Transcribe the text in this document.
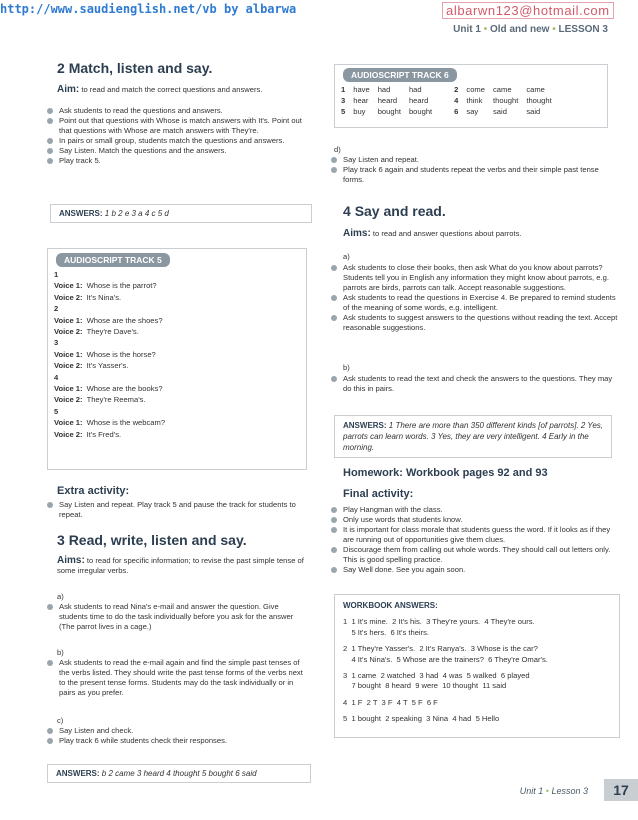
http://www.saudienglish.net/vb by albarwa	albarwn123@hotmail.com
Unit 1 • Old and new • LESSON 3
2 Match, listen and say.
Aim: to read and match the correct questions and answers.
Ask students to read the questions and answers.
Point out that questions with Whose is match answers with It's. Point out that questions with Whose are match answers with They're.
In pairs or small group, students match the questions and answers.
Say Listen. Match the questions and the answers.
Play track 5.
ANSWERS: 1 b 2 e 3 a 4 c 5 d
AUDIOSCRIPT TRACK 5
1
Voice 1: Whose is the parrot?
Voice 2: It's Nina's.
2
Voice 1: Whose are the shoes?
Voice 2: They're Dave's.
3
Voice 1: Whose is the horse?
Voice 2: It's Yasser's.
4
Voice 1: Whose are the books?
Voice 2: They're Reema's.
5
Voice 1: Whose is the webcam?
Voice 2: It's Fred's.
Extra activity:
Say Listen and repeat. Play track 5 and pause the track for students to repeat.
3 Read, write, listen and say.
Aims: to read for specific information; to revise the past simple tense of some irregular verbs.
a)
Ask students to read Nina's e-mail and answer the question. Give students time to do the task individually before you ask for the answer (The parrot lives in a cage.)
b)
Ask students to read the e-mail again and find the simple past tenses of the verbs listed. They should write the past tense forms of the verbs next to the present tense forms. Students may do the task individually or in pairs as you prefer.
c)
Say Listen and check.
Play track 6 while students check their responses.
ANSWERS: b 2 came 3 heard 4 thought 5 bought 6 said
AUDIOSCRIPT TRACK 6
1	have	had	had	2	come	came	came
3	hear	heard	heard	4	think	thought	thought
5	buy	bought	bought	6	say	said	said
d)
Say Listen and repeat.
Play track 6 again and students repeat the verbs and their simple past tense forms.
4 Say and read.
Aims: to read and answer questions about parrots.
a)
Ask students to close their books, then ask What do you know about parrots? Students tell you in English any information they might know about parrots, e.g. parrots are birds, parrots can talk. Accept reasonable suggestions.
Ask students to read the questions in Exercise 4. Be prepared to remind students of the meaning of some words, e.g. intelligent.
Ask students to suggest answers to the questions without reading the text. Accept reasonable suggestions.
b)
Ask students to read the text and check the answers to the questions. They may do this in pairs.
ANSWERS: 1 There are more than 350 different kinds [of parrots]. 2 Yes, parrots can learn words. 3 Yes, they are very intelligent. 4 Early in the morning.
Homework: Workbook pages 92 and 93
Final activity:
Play Hangman with the class.
Only use words that students know.
It is important for class morale that students guess the word. If it looks as if they are running out of opportunities give them clues.
Discourage them from calling out whole words. They should call out letters only. This is good spelling practice.
Say Well done. See you again soon.
WORKBOOK ANSWERS:
1  1 It's mine.  2 It's his.  3 They're yours.  4 They're ours.
5 It's hers.  6 It's theirs.
2  1 They're Yasser's.  2 It's Ranya's.  3 Whose is the car?
4 It's Nina's.  5 Whose are the trainers?  6 They're Omar's.
3  1 came  2 watched  3 had  4 was  5 walked  6 played
7 bought  8 heard  9 were  10 thought  11 said
4  1 F  2 T  3 F  4 T  5 F  6 F
5  1 bought  2 speaking  3 Nina  4 had  5 Hello
Unit 1 • Lesson 3	17
